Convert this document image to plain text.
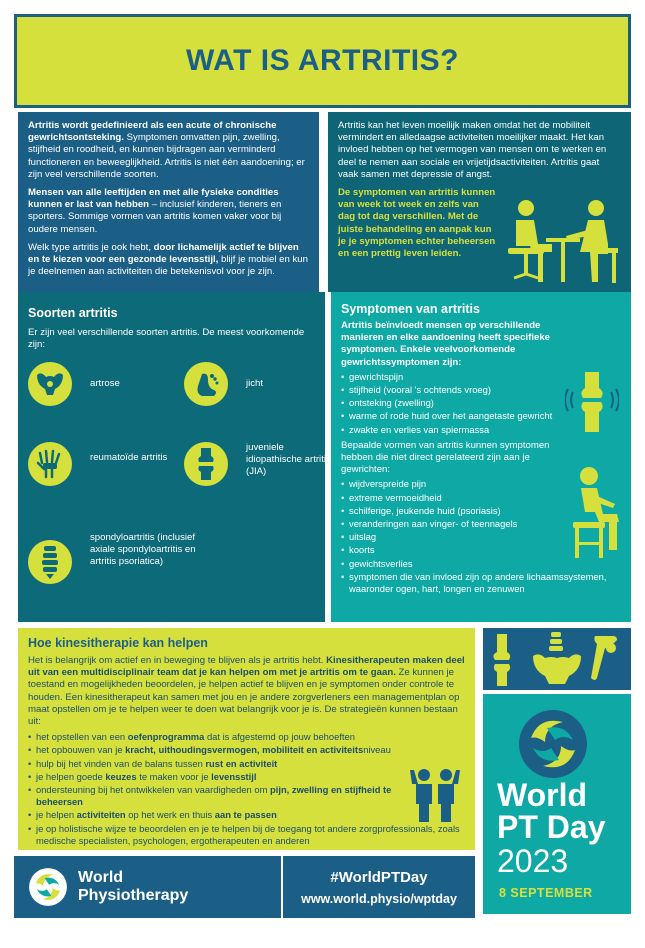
WAT IS ARTRITIS?

Artritis wordt gedefinieerd als een acute of chronische gewrichtsontsteking. Symptomen omvatten pijn, zwelling, stijfheid en roodheid, en kunnen bijdragen aan verminderd functioneren en beweeglijkheid. Artritis is niet één aandoening; er zijn veel verschillende soorten.

Mensen van alle leeftijden en met alle fysieke condities kunnen er last van hebben – inclusief kinderen, tieners en sporters. Sommige vormen van artritis komen vaker voor bij oudere mensen.

Welk type artritis je ook hebt, door lichamelijk actief te blijven en te kiezen voor een gezonde levensstijl, blijf je mobiel en kun je deelnemen aan activiteiten die betekenisvol voor je zijn.

Artritis kan het leven moeilijk maken omdat het de mobiliteit vermindert en alledaagse activiteiten moeilijker maakt. Het kan invloed hebben op het vermogen van mensen om te werken en deel te nemen aan sociale en vrijetijdsactiviteiten. Artritis gaat vaak samen met depressie of angst.

De symptomen van artritis kunnen van week tot week en zelfs van dag tot dag verschillen. Met de juiste behandeling en aanpak kun je je symptomen echter beheersen en een prettig leven leiden.
Soorten artritis

Er zijn veel verschillende soorten artritis. De meest voorkomende zijn:

artrose	jicht
reumatoïde artritis
juveniele idiopathische artritis (JIA)
spondyloartritis (inclusief axiale spondyloartritis en artritis psoriatica)
Symptomen van artritis

Artritis beïnvloedt mensen op verschillende manieren en elke aandoening heeft specifieke symptomen. Enkele veelvoorkomende gewrichtssymptomen zijn:

• gewrichtspijn
• stijfheid (vooral 's ochtends vroeg)
• ontsteking (zwelling)
• warme of rode huid over het aangetaste gewricht
• zwakte en verlies van spiermassa

Bepaalde vormen van artritis kunnen symptomen hebben die niet direct gerelateerd zijn aan je gewrichten:

• wijdverspreide pijn
• extreme vermoeidheid
• schilferige, jeukende huid (psoriasis)
• veranderingen aan vinger- of teennagels
• uitslag
• koorts
• gewichtsverlies
• symptomen die van invloed zijn op andere lichaamssystemen, waaronder ogen, hart, longen en zenuwen
Hoe kinesitherapie kan helpen

Het is belangrijk om actief en in beweging te blijven als je artritis hebt. Kinesitherapeuten maken deel uit van een multidisciplinair team dat je kan helpen om met je artritis om te gaan. Ze kunnen je toestand en mogelijkheden beoordelen, je helpen actief te blijven en je symptomen onder controle te houden. Een kinesitherapeut kan samen met jou en je andere zorgverleners een managementplan op maat opstellen om je te helpen weer te doen wat belangrijk voor je is. De strategieën kunnen bestaan uit:

• het opstellen van een oefenprogramma dat is afgestemd op jouw behoeften
• het opbouwen van je kracht, uithoudingsvermogen, mobiliteit en activiteitsniveau
• hulp bij het vinden van de balans tussen rust en activiteit
• je helpen goede keuzes te maken voor je levensstijl
• ondersteuning bij het ontwikkelen van vaardigheden om pijn, zwelling en stijfheid te beheersen
• je helpen activiteiten op het werk en thuis aan te passen
• je op holistische wijze te beoordelen en je te helpen bij de toegang tot andere zorgprofessionals, zoals medische specialisten, psychologen, ergotherapeuten en anderen
World
PT Day
2023
8 SEPTEMBER
World
Physiotherapy
#WorldPTDay
www.world.physio/wptday
